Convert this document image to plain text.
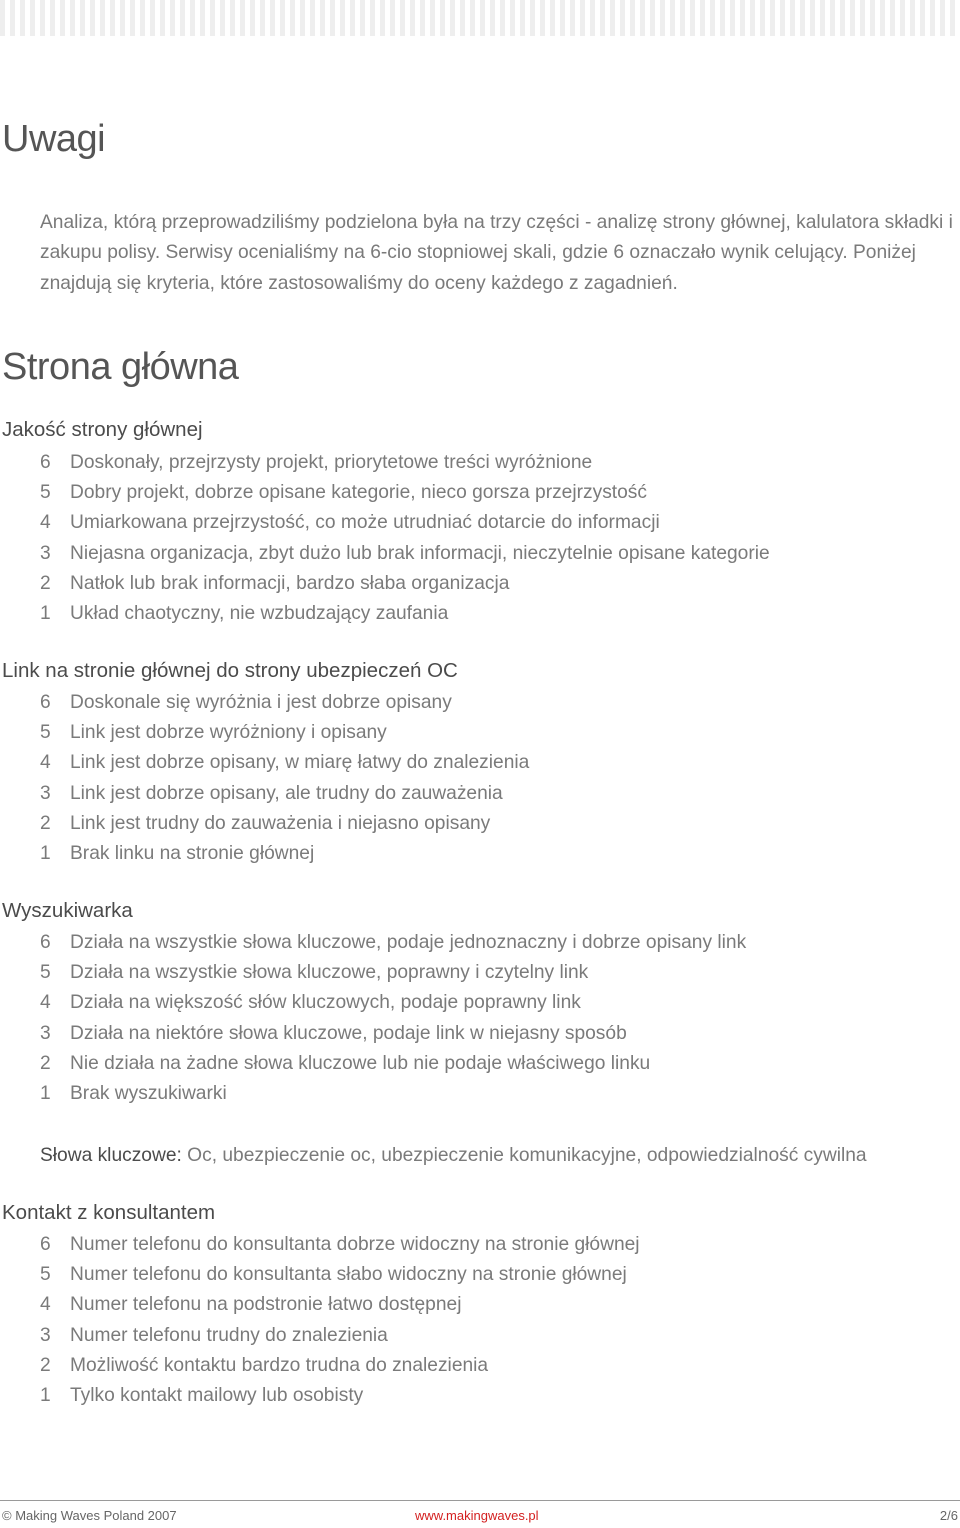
Uwagi

Analiza, którą przeprowadziliśmy podzielona była na trzy części - analizę strony głównej, kalulatora składki i zakupu polisy. Serwisy ocenialiśmy na 6-cio stopniowej skali, gdzie 6 oznaczało wynik celujący. Poniżej znajdują się kryteria, które zastosowaliśmy do oceny każdego z zagadnień.

Strona główna
Jakość strony głównej
6 Doskonały, przejrzysty projekt, priorytetowe treści wyróżnione
5 Dobry projekt, dobrze opisane kategorie, nieco gorsza przejrzystość
4 Umiarkowana przejrzystość, co może utrudniać dotarcie do informacji
3 Niejasna organizacja, zbyt dużo lub brak informacji, nieczytelnie opisane kategorie
2 Natłok lub brak informacji, bardzo słaba organizacja
1 Układ chaotyczny, nie wzbudzający zaufania
Link na stronie głównej do strony ubezpieczeń OC
6 Doskonale się wyróżnia i jest dobrze opisany
5 Link jest dobrze wyróżniony i opisany
4 Link jest dobrze opisany, w miarę łatwy do znalezienia
3 Link jest dobrze opisany, ale trudny do zauważenia
2 Link jest trudny do zauważenia i niejasno opisany
1 Brak linku na stronie głównej
Wyszukiwarka
6 Działa na wszystkie słowa kluczowe, podaje jednoznaczny i dobrze opisany link
5 Działa na wszystkie słowa kluczowe, poprawny i czytelny link
4 Działa na większość słów kluczowych, podaje poprawny link
3 Działa na niektóre słowa kluczowe, podaje link w niejasny sposób
2 Nie działa na żadne słowa kluczowe lub nie podaje właściwego linku
1 Brak wyszukiwarki

Słowa kluczowe: Oc, ubezpieczenie oc, ubezpieczenie komunikacyjne, odpowiedzialność cywilna

Kontakt z konsultantem
6 Numer telefonu do konsultanta dobrze widoczny na stronie głównej
5 Numer telefonu do konsultanta słabo widoczny na stronie głównej
4 Numer telefonu na podstronie łatwo dostępnej
3 Numer telefonu trudny do znalezienia
2 Możliwość kontaktu bardzo trudna do znalezienia
1 Tylko kontakt mailowy lub osobisty
© Making Waves Poland 2007	www.makingwaves.pl	2/6
